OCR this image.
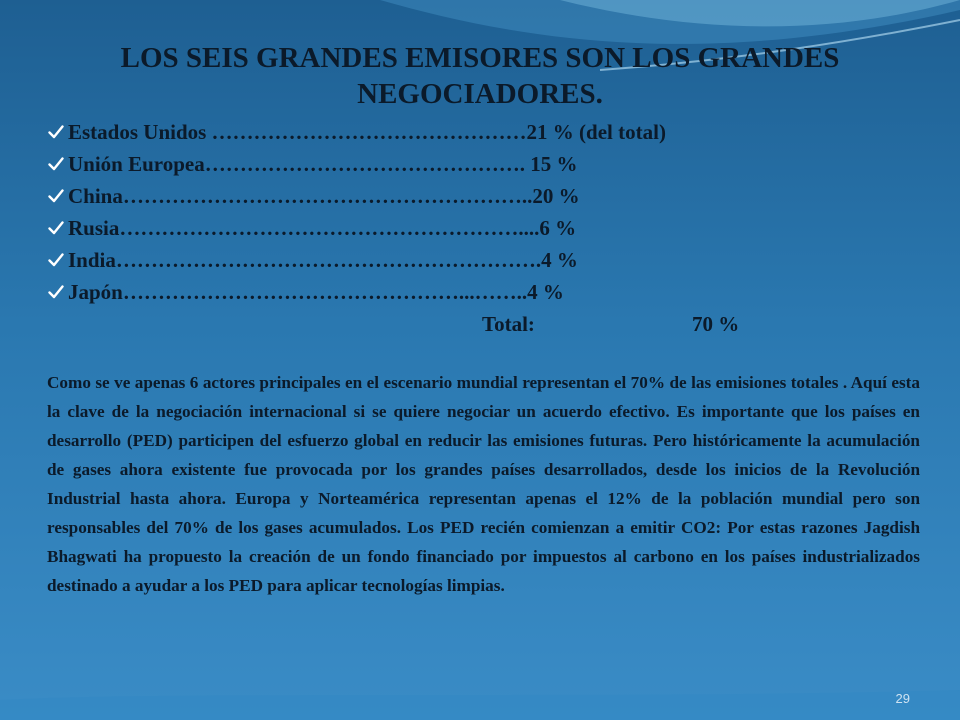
LOS SEIS GRANDES EMISORES SON LOS GRANDES
NEGOCIADORES.
Estados Unidos ………………………………………21 % (del total)
Unión Europea………………………………………. 15 %
China…………………………………………………..20 %
Rusia…………………………………………………....6 %
India…………………………………………………….4 %
Japón…………………………………………...……..4 %
Total:	70 %

Como se ve apenas 6 actores principales en el escenario mundial representan el 70% de las emisiones totales . Aquí esta la clave de la negociación internacional si se quiere negociar un acuerdo efectivo. Es importante que los países en desarrollo (PED) participen del esfuerzo global en reducir las emisiones futuras. Pero históricamente la acumulación de gases ahora existente fue provocada por los grandes países desarrollados, desde los inicios de la Revolución Industrial hasta ahora. Europa y Norteamérica representan apenas el 12% de la población mundial pero son responsables del 70% de los gases acumulados. Los PED recién comienzan a emitir CO2: Por estas razones Jagdish Bhagwati ha propuesto la creación de un fondo financiado por impuestos al carbono en los países industrializados destinado a ayudar a los PED para aplicar tecnologías limpias.

29
